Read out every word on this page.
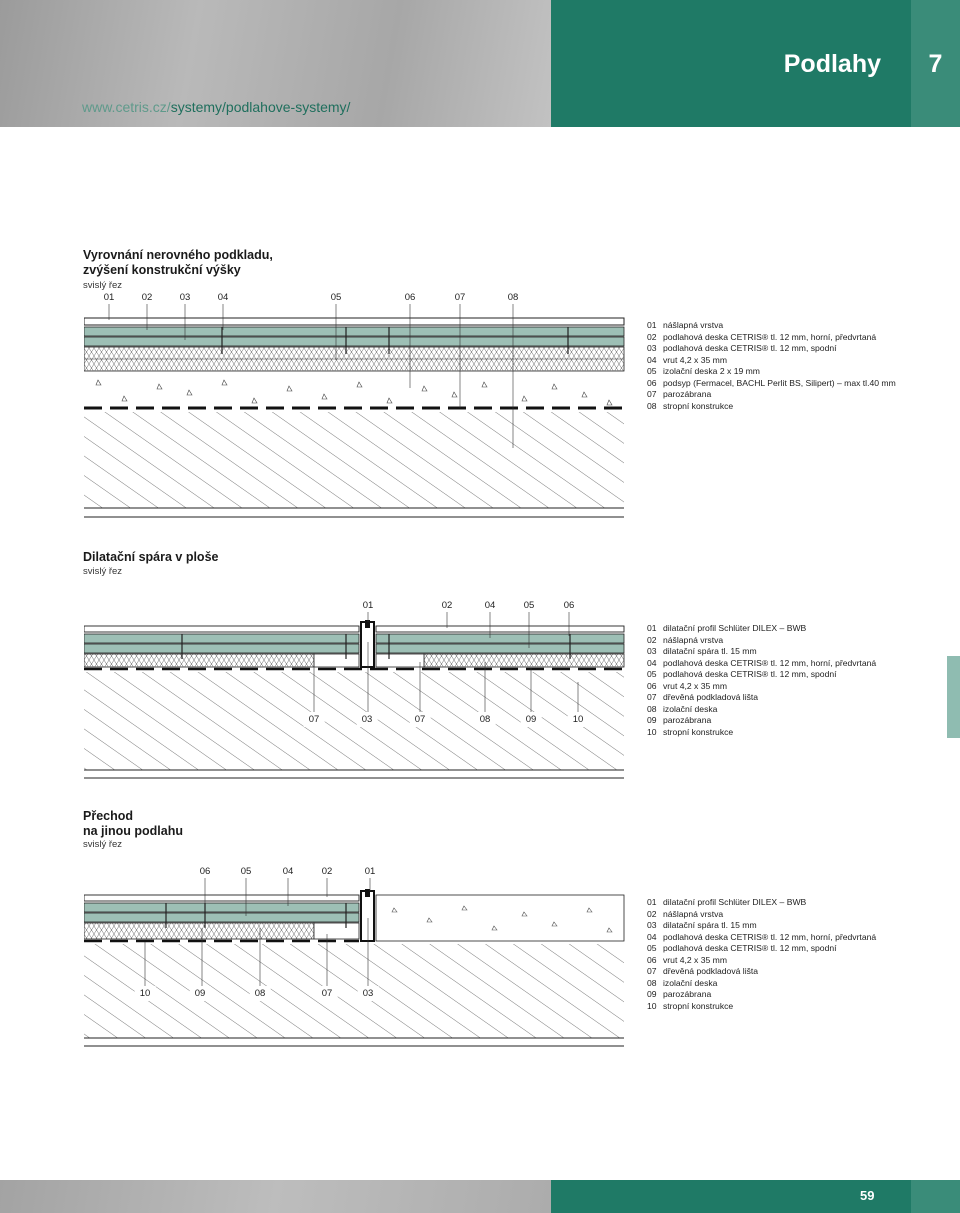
www.cetris.cz/systemy/podlahove-systemy/
Podlahy	7
Vyrovnání nerovného podkladu,
zvýšení konstrukční výšky
svislý řez
01	02	03	04	05	06	07	08
01 nášlapná vrstva
02 podlahová deska CETRIS® tl. 12 mm, horní, předvrtaná
03 podlahová deska CETRIS® tl. 12 mm, spodní
04 vrut 4,2 x 35 mm
05 izolační deska 2 x 19 mm
06 podsyp (Fermacel, BACHL Perlit BS, Silipert) – max tl.40 mm
07 parozábrana
08 stropní konstrukce
Dilatační spára v ploše
svislý řez
01	02	04	05	06
07	03	07	08	09	10
01 dilatační profil Schlüter DILEX – BWB
02 nášlapná vrstva
03 dilatační spára tl. 15 mm
04 podlahová deska CETRIS® tl. 12 mm, horní, předvrtaná
05 podlahová deska CETRIS® tl. 12 mm, spodní
06 vrut 4,2 x 35 mm
07 dřevěná podkladová lišta
08 izolační deska
09 parozábrana
10 stropní konstrukce
Přechod
na jinou podlahu
svislý řez
06	05	04	02	01
10	09	08	07	03
01 dilatační profil Schlüter DILEX – BWB
02 nášlapná vrstva
03 dilatační spára tl. 15 mm
04 podlahová deska CETRIS® tl. 12 mm, horní, předvrtaná
05 podlahová deska CETRIS® tl. 12 mm, spodní
06 vrut 4,2 x 35 mm
07 dřevěná podkladová lišta
08 izolační deska
09 parozábrana
10 stropní konstrukce
59
